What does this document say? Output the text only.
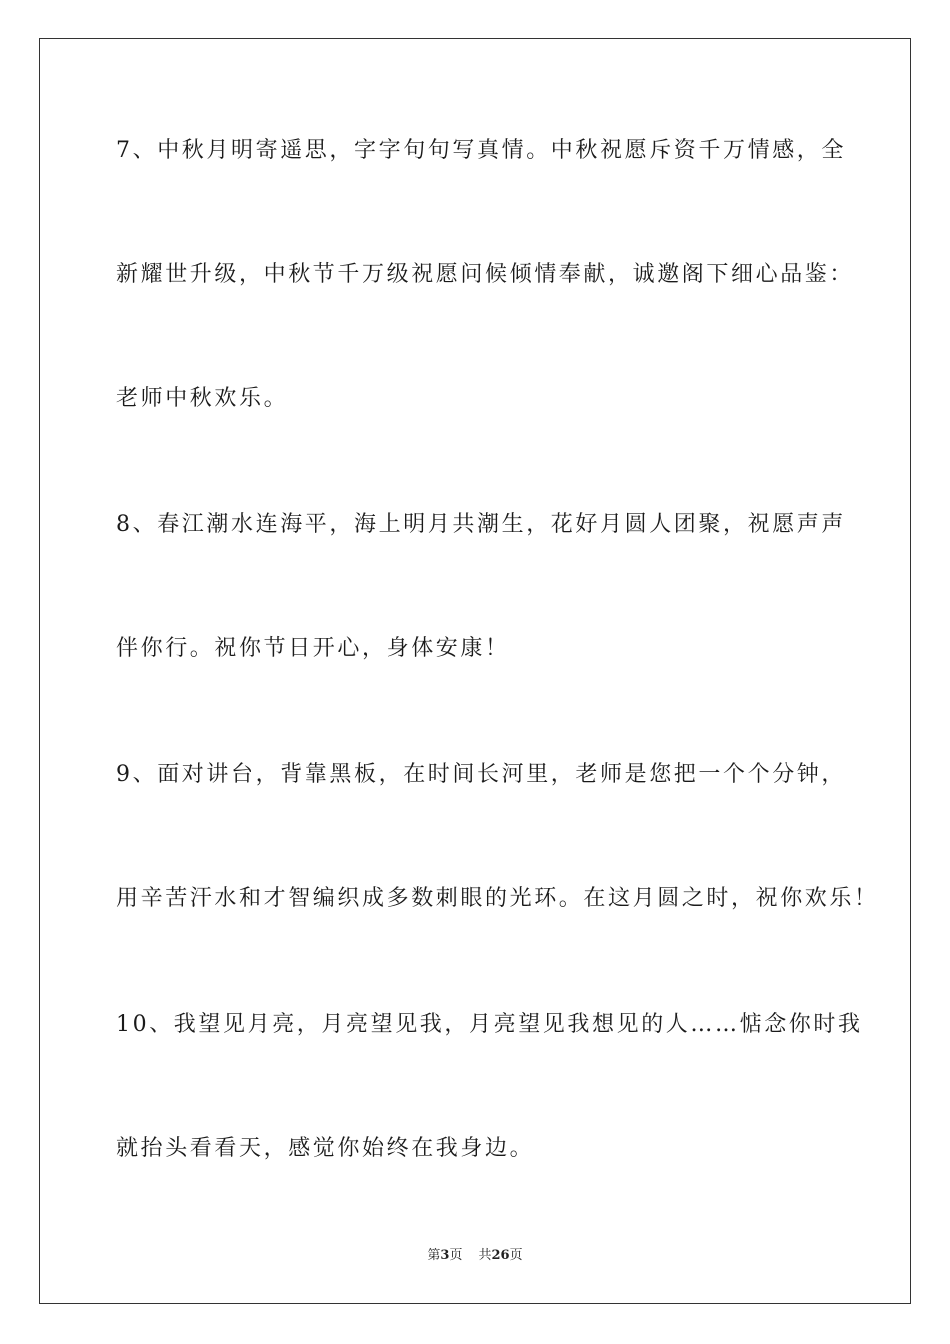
7、中秋月明寄遥思，字字句句写真情。中秋祝愿斥资千万情感，全
新耀世升级，中秋节千万级祝愿问候倾情奉献，诚邀阁下细心品鉴：
老师中秋欢乐。
8、春江潮水连海平，海上明月共潮生，花好月圆人团聚，祝愿声声
伴你行。祝你节日开心，身体安康！
9、面对讲台，背靠黑板，在时间长河里，老师是您把一个个分钟，
用辛苦汗水和才智编织成多数刺眼的光环。在这月圆之时，祝你欢乐！
10、我望见月亮，月亮望见我，月亮望见我想见的人……惦念你时我
就抬头看看天，感觉你始终在我身边。
第3页 共26页
